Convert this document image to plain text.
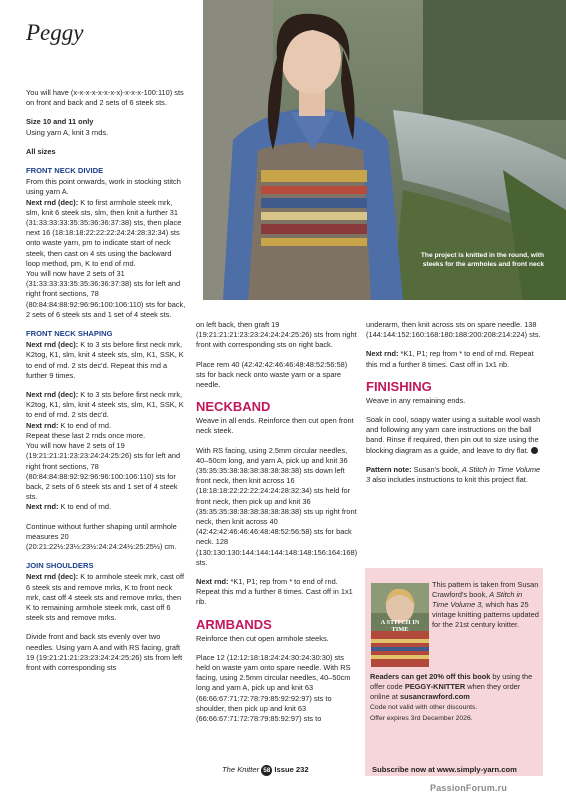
Peggy
The project is knitted in the round, with steeks for the armholes and front neck

You will have (x-x-x-x-x-x-x-x)-x-x-x-100:110) sts on front and back and 2 sets of 6 steek sts.

Size 10 and 11 only
Using yarn A, knit 3 rnds.

All sizes

FRONT NECK DIVIDE

From this point onwards, work in stocking stitch using yarn A.

Next rnd (dec): K to first armhole steek mrk, slm, knit 6 steek sts, slm, then knit a further 31 (31:33:33:33:35:35:36:36:37:38) sts, then place next 16 (18:18:18:22:22:22:24:24:28:32:34) sts onto waste yarn, pm to indicate start of neck steek, then cast on 4 sts using the backward loop method, pm, K to end of rnd.

You will now have 2 sets of 31 (31:33:33:33:35:35:36:36:37:38) sts for left and right front sections, 78 (80:84:84:88:92:96:96:100:106:110) sts for back, 2 sets of 6 steek sts and 1 set of 4 steek sts.

FRONT NECK SHAPING

Next rnd (dec): K to 3 sts before first neck mrk, K2tog, K1, slm, knit 4 steek sts, slm, K1, SSK, K to end of rnd. 2 sts dec'd. Repeat this rnd a further 9 times.

Next rnd (dec): K to 3 sts before first neck mrk, K2tog, K1, slm, knit 4 steek sts, slm, K1, SSK, K to end of rnd. 2 sts dec'd.

Next rnd: K to end of rnd.

Repeat these last 2 rnds once more.

You will now have 2 sets of 19 (19:21:21:21:23:23:24:24:25:26) sts for left and right front sections, 78 (80:84:84:88:92:92:96:96:100:106:110) sts for back, 2 sets of 6 steek sts and 1 set of 4 steek sts.

Next rnd: K to end of rnd.

Continue without further shaping until armhole measures 20 (20:21:22½:23½:23½:24:24:24½:25:25½) cm.

JOIN SHOULDERS

Next rnd (dec): K to armhole steek mrk, cast off 6 steek sts and remove mrks, K to front neck mrk, cast off 4 steek sts and remove mrks, then K to remaining armhole steek mrk, cast off 6 steek sts and remove mrks.

Divide front and back sts evenly over two needles. Using yarn A and with RS facing, graft 19 (19:21:21:21:23:23:24:24:25:26) sts from left front with corresponding sts

on left back, then graft 19 (19:21:21:21:23:23:24:24:24:25:26) sts from right front with corresponding sts on right back.

Place rem 40 (42:42:42:46:46:48:48:52:56:58) sts for back neck onto waste yarn or a spare needle.

NECKBAND

Weave in all ends. Reinforce then cut open front neck steek.

With RS facing, using 2.5mm circular needles, 40–50cm long, and yarn A, pick up and knit 36 (35:35:35:38:38:38:38:38:38:38) sts down left front neck, then knit across 16 (18:18:18:22:22:22:24:24:28:32:34) sts held for front neck, then pick up and knit 36 (35:35:35:38:38:38:38:38:38:38) sts up right front neck, then knit across 40 (42:42:42:46:46:46:48:48:52:56:58) sts for back neck. 128 (130:130:130:144:144:144:148:148:156:164:168) sts.

Next rnd: *K1, P1; rep from * to end of rnd. Repeat this rnd a further 8 times. Cast off in 1x1 rib.

ARMBANDS

Reinforce then cut open armhole steeks.

Place 12 (12:12:18:18:24:24:30:24:30:30) sts held on waste yarn onto spare needle. With RS facing, using 2.5mm circular needles, 40–50cm long and yarn A, pick up and knit 63 (66:66:67:71:72:78:79:85:92:92:97) sts to shoulder, then pick up and knit 63 (66:66:67:71:72:78:79:85:92:97) sts to

underarm, then knit across sts on spare needle. 138 (144:144:152:160:168:180:188:200:208:214:224) sts.

Next rnd: *K1, P1; rep from * to end of rnd. Repeat this rnd a further 8 times. Cast off in 1x1 rib.

FINISHING

Weave in any remaining ends.

Soak in cool, soapy water using a suitable wool wash and following any yarn care instructions on the ball band. Rinse if required, then pin out to size using the blocking diagram as a guide, and leave to dry flat.

Pattern note: Susan's book, A Stitch in Time Volume 3 also includes instructions to knit this project flat.

A STITCH IN TIME
This pattern is taken from Susan Crawford's book, A Stitch in Time Volume 3, which has 25 vintage knitting patterns updated for the 21st century knitter.
Readers can get 20% off this book by using the offer code PEGGY-KNITTER when they order online at susancrawford.com
Code not valid with other discounts.
Offer expires 3rd December 2026.
The Knitter 58 Issue 232	Subscribe now at www.simply-yarn.com
PassionForum.ru
